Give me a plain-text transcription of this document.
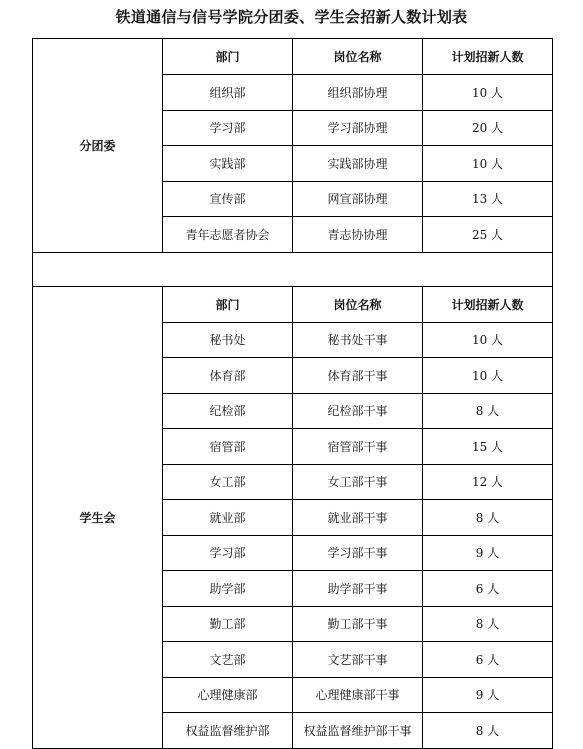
铁道通信与信号学院分团委、学生会招新人数计划表
分团委	部门	岗位名称	计划招新人数
	组织部	组织部协理	10 人
	学习部	学习部协理	20 人
	实践部	实践部协理	10 人
	宣传部	网宣部协理	13 人
	青年志愿者协会	青志协协理	25 人

学生会	部门	岗位名称	计划招新人数
	秘书处	秘书处干事	10 人
	体育部	体育部干事	10 人
	纪检部	纪检部干事	8 人
	宿管部	宿管部干事	15 人
	女工部	女工部干事	12 人
	就业部	就业部干事	8 人
	学习部	学习部干事	9 人
	助学部	助学部干事	6 人
	勤工部	勤工部干事	8 人
	文艺部	文艺部干事	6 人
	心理健康部	心理健康部干事	9 人
	权益监督维护部	权益监督维护部干事	8 人
